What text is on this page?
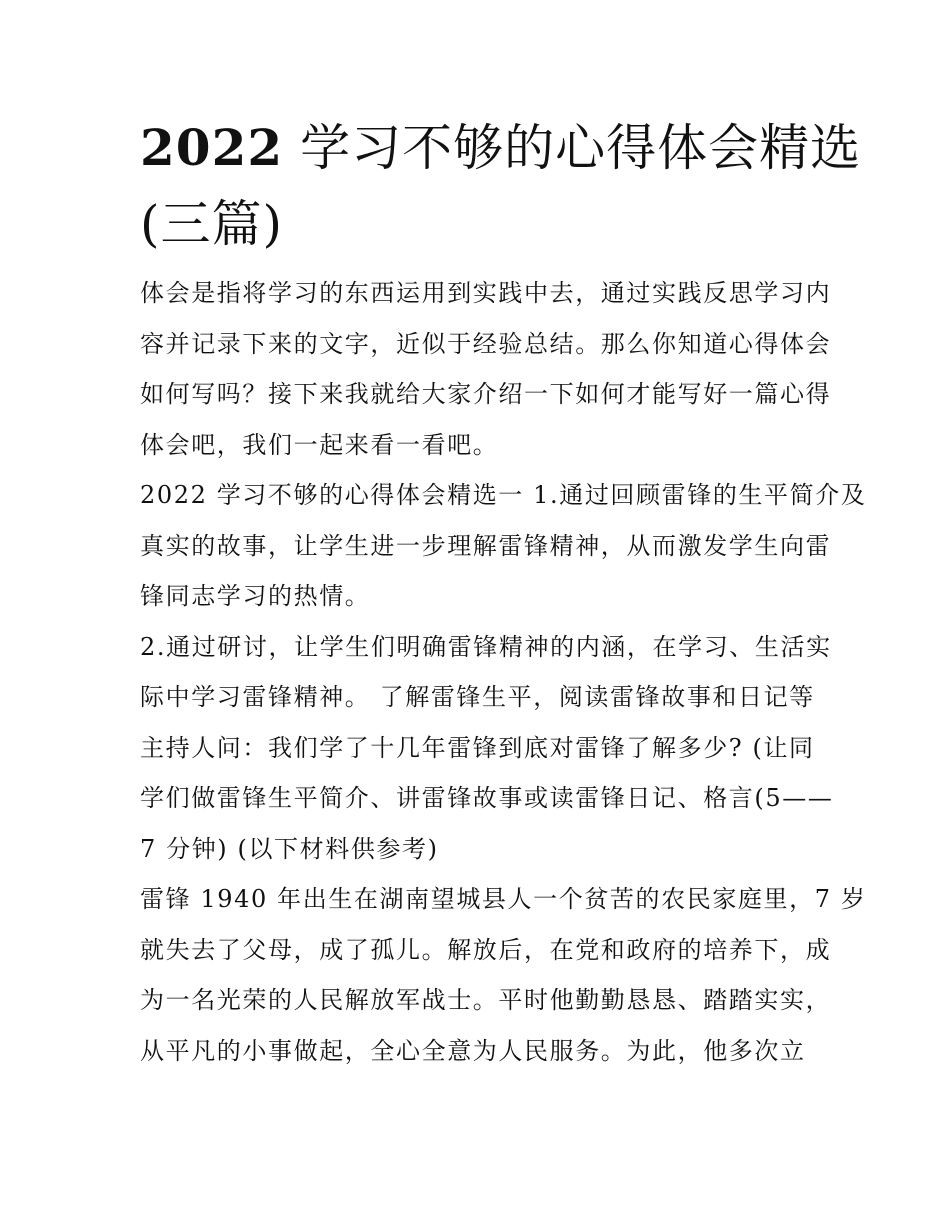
2022 学习不够的心得体会精选
(三篇)

体会是指将学习的东西运用到实践中去，通过实践反思学习内
容并记录下来的文字，近似于经验总结。那么你知道心得体会
如何写吗？接下来我就给大家介绍一下如何才能写好一篇心得
体会吧，我们一起来看一看吧。

2022 学习不够的心得体会精选一 1.通过回顾雷锋的生平简介及
真实的故事，让学生进一步理解雷锋精神，从而激发学生向雷
锋同志学习的热情。

2.通过研讨，让学生们明确雷锋精神的内涵，在学习、生活实
际中学习雷锋精神。 了解雷锋生平，阅读雷锋故事和日记等
主持人问：我们学了十几年雷锋到底对雷锋了解多少? (让同
学们做雷锋生平简介、讲雷锋故事或读雷锋日记、格言(5——
7 分钟) (以下材料供参考)

雷锋 1940 年出生在湖南望城县人一个贫苦的农民家庭里，7 岁
就失去了父母，成了孤儿。解放后，在党和政府的培养下，成
为一名光荣的人民解放军战士。平时他勤勤恳恳、踏踏实实，
从平凡的小事做起，全心全意为人民服务。为此，他多次立
